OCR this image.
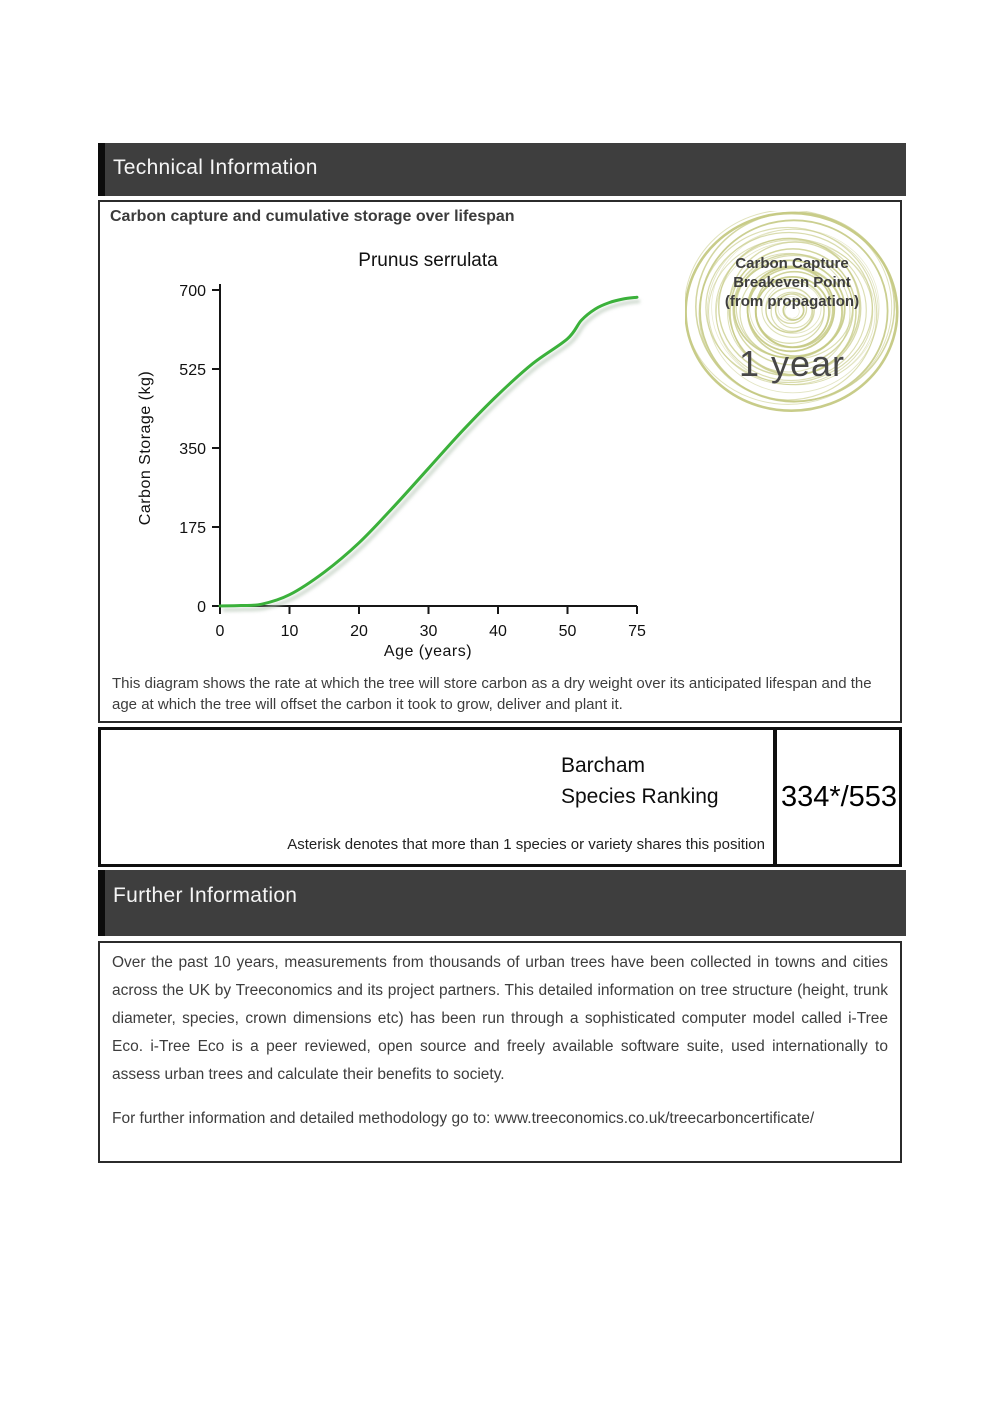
Technical Information
Carbon capture and cumulative storage over lifespan
Prunus serrulata
Carbon Storage (kg)
Age (years)
0
175
350
525
700
0	10	20	30	40	50	75
Carbon Capture
Breakeven Point
(from propagation)
1 year
This diagram shows the rate at which the tree will store carbon as a dry weight over its anticipated lifespan and the age at which the tree will offset the carbon it took to grow, deliver and plant it.
Barcham
Species Ranking
Asterisk denotes that more than 1 species or variety shares this position
334*/553
Further Information

Over the past 10 years, measurements from thousands of urban trees have been collected in towns and cities across the UK by Treeconomics and its project partners. This detailed information on tree structure (height, trunk diameter, species, crown dimensions etc) has been run through a sophisticated computer model called i-Tree Eco. i-Tree Eco is a peer reviewed, open source and freely available software suite, used internationally to assess urban trees and calculate their benefits to society.

For further information and detailed methodology go to: www.treeconomics.co.uk/treecarboncertificate/
